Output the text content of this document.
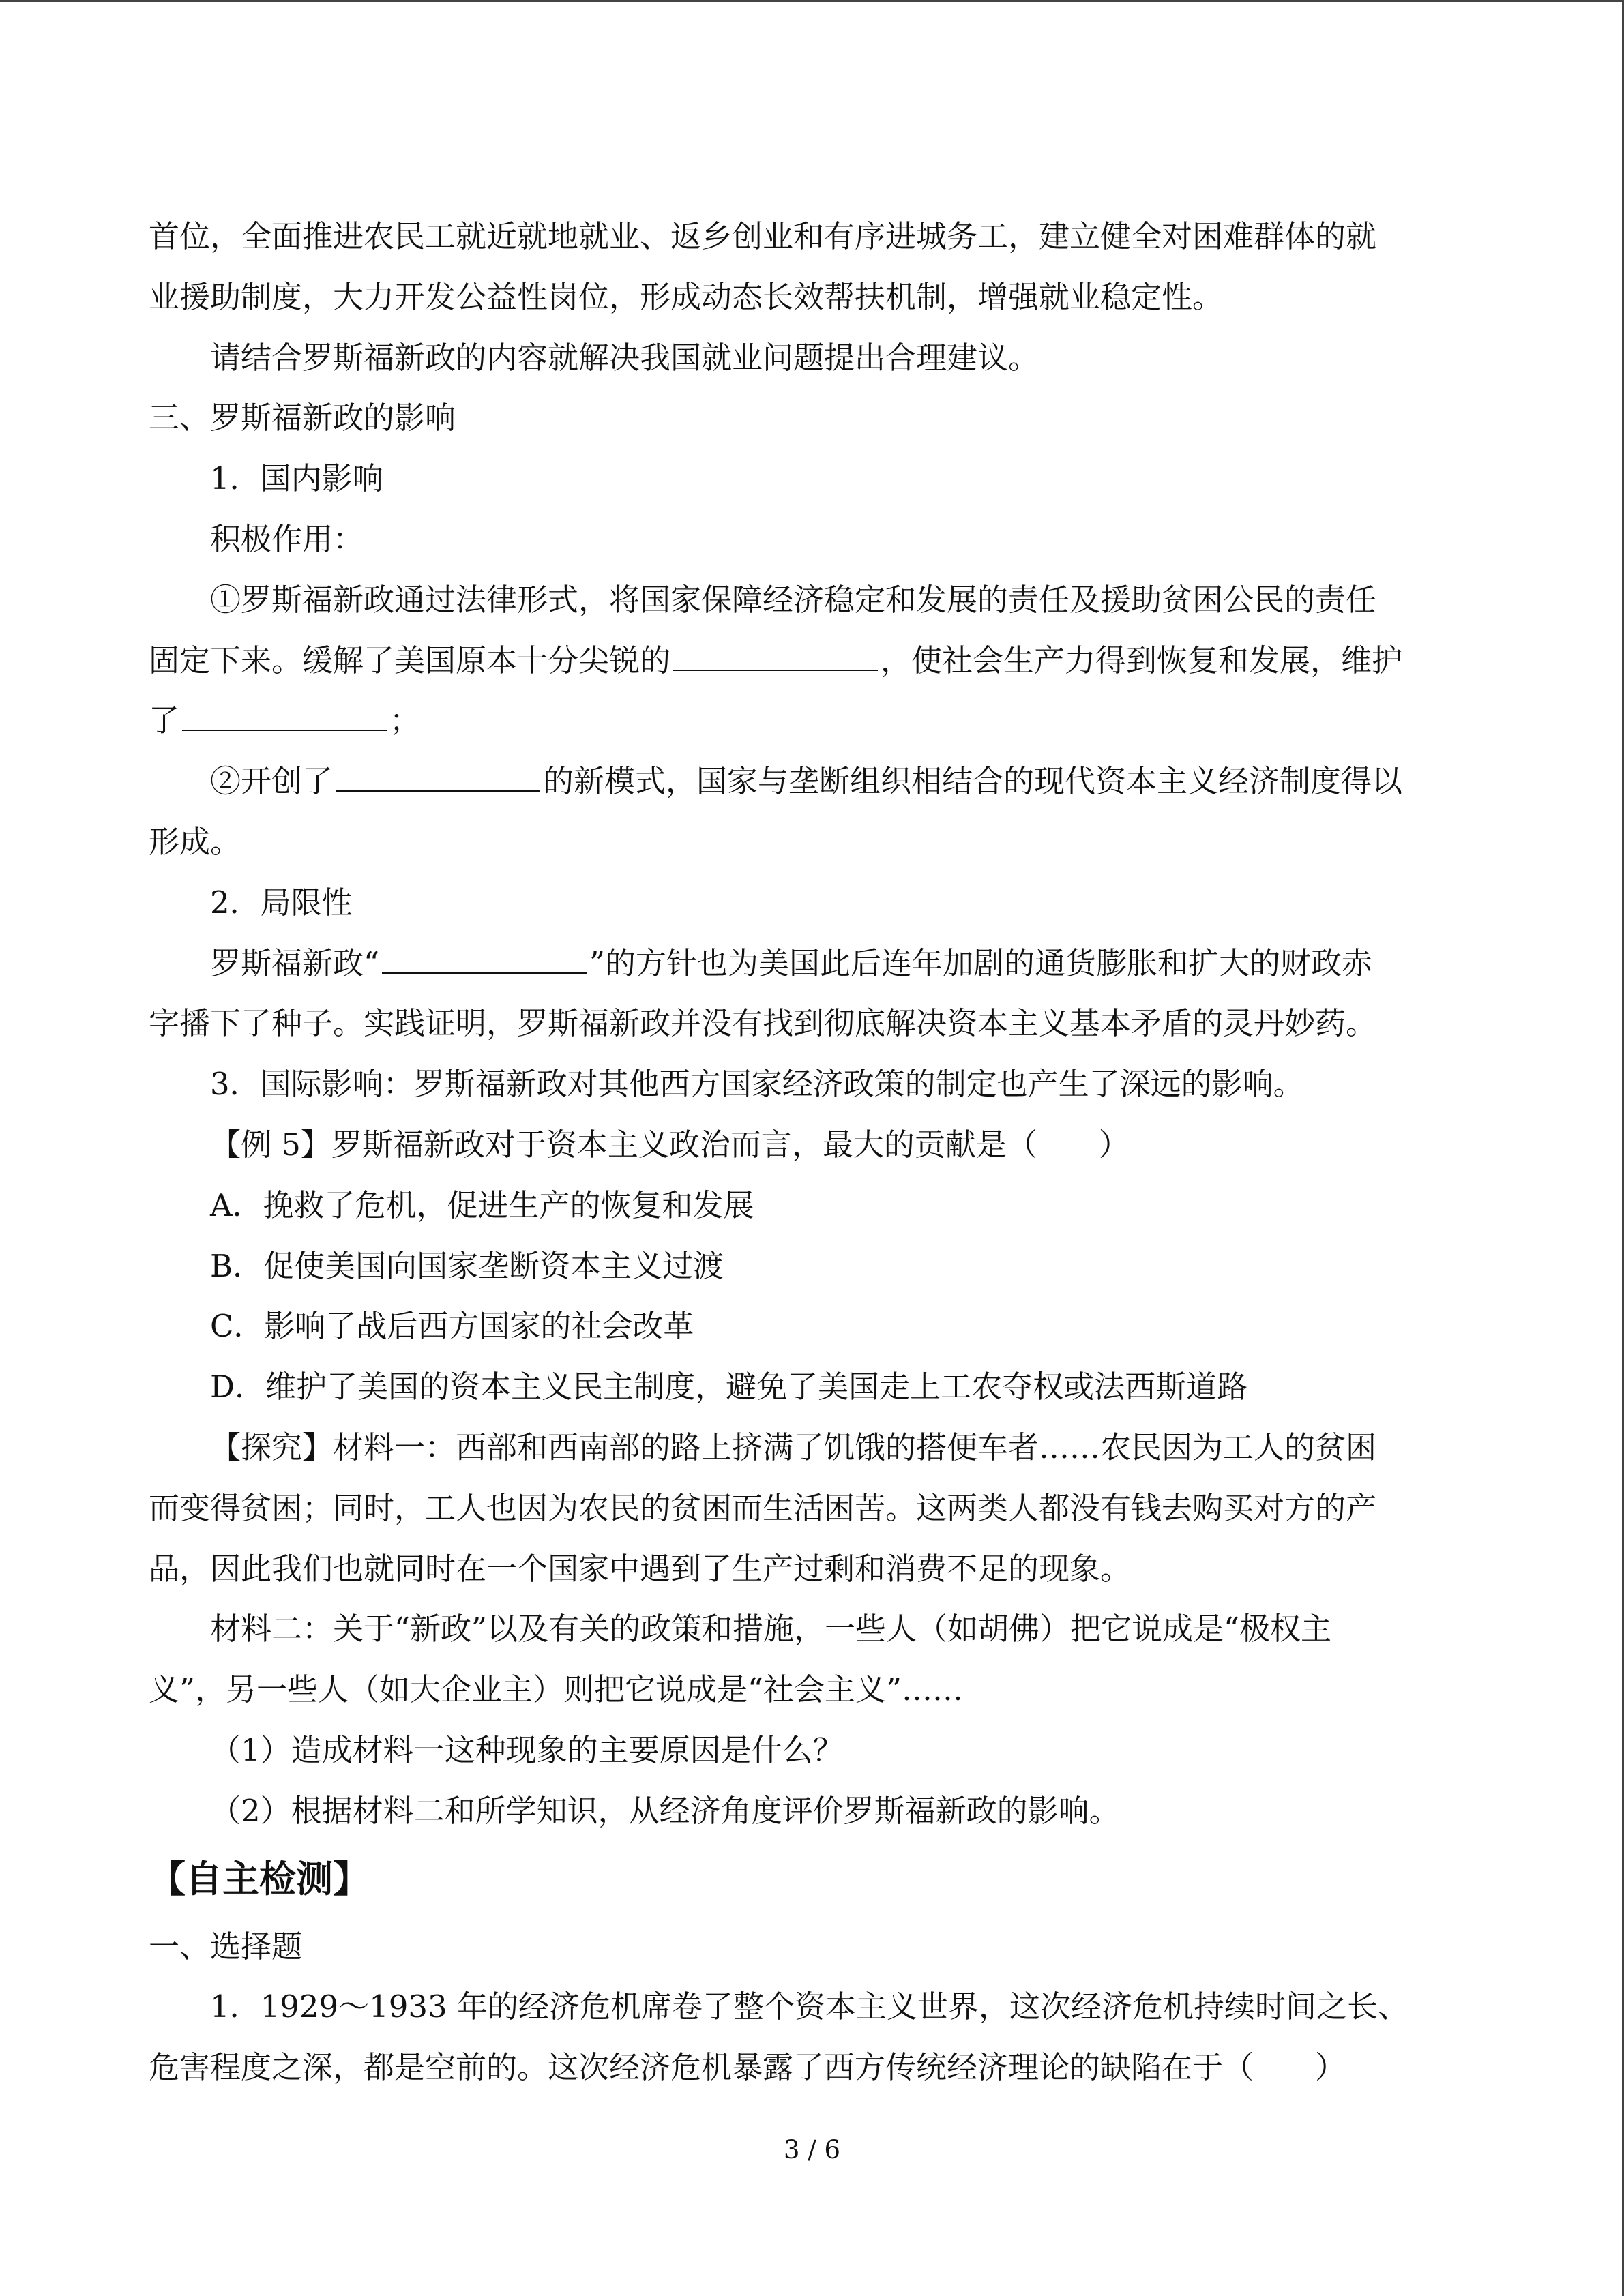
首位，全面推进农民工就近就地就业、返乡创业和有序进城务工，建立健全对困难群体的就
业援助制度，大力开发公益性岗位，形成动态长效帮扶机制，增强就业稳定性。
请结合罗斯福新政的内容就解决我国就业问题提出合理建议。
三、罗斯福新政的影响
1．国内影响
积极作用：
①罗斯福新政通过法律形式，将国家保障经济稳定和发展的责任及援助贫困公民的责任
固定下来。缓解了美国原本十分尖锐的	，使社会生产力得到恢复和发展，维护
了	；
②开创了	的新模式，国家与垄断组织相结合的现代资本主义经济制度得以
形成。
2．局限性
罗斯福新政“	”的方针也为美国此后连年加剧的通货膨胀和扩大的财政赤
字播下了种子。实践证明，罗斯福新政并没有找到彻底解决资本主义基本矛盾的灵丹妙药。
3．国际影响：罗斯福新政对其他西方国家经济政策的制定也产生了深远的影响。
【例 5】罗斯福新政对于资本主义政治而言，最大的贡献是（　　）
A．挽救了危机，促进生产的恢复和发展
B．促使美国向国家垄断资本主义过渡
C．影响了战后西方国家的社会改革
D．维护了美国的资本主义民主制度，避免了美国走上工农夺权或法西斯道路
【探究】材料一：西部和西南部的路上挤满了饥饿的搭便车者……农民因为工人的贫困
而变得贫困；同时，工人也因为农民的贫困而生活困苦。这两类人都没有钱去购买对方的产
品，因此我们也就同时在一个国家中遇到了生产过剩和消费不足的现象。
材料二：关于“新政”以及有关的政策和措施，一些人（如胡佛）把它说成是“极权主
义”，另一些人（如大企业主）则把它说成是“社会主义”……
（1）造成材料一这种现象的主要原因是什么？
（2）根据材料二和所学知识，从经济角度评价罗斯福新政的影响。
【自主检测】
一、选择题
1．1929～1933 年的经济危机席卷了整个资本主义世界，这次经济危机持续时间之长、
危害程度之深，都是空前的。这次经济危机暴露了西方传统经济理论的缺陷在于（　　）
3 / 6
